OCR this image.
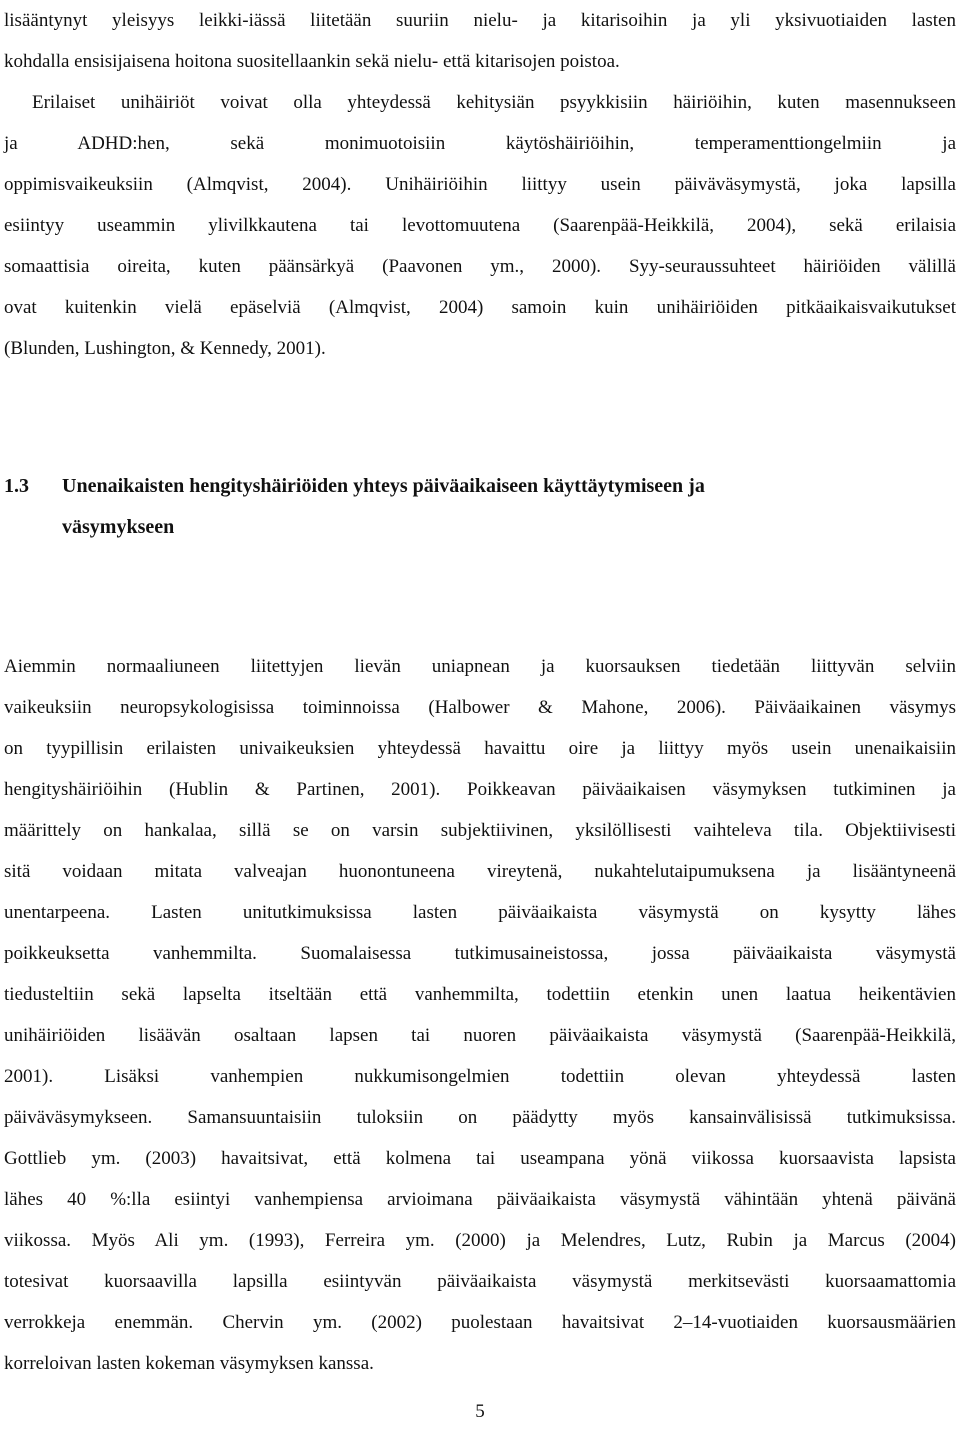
lisääntynyt yleisyys leikki-iässä liitetään suuriin nielu- ja kitarisoihin ja yli yksivuotiaiden lasten
kohdalla ensisijaisena hoitona suositellaankin sekä nielu- että kitarisojen poistoa.
Erilaiset unihäiriöt voivat olla yhteydessä kehitysiän psyykkisiin häiriöihin, kuten masennukseen
ja ADHD:hen, sekä monimuotoisiin käytöshäiriöihin, temperamenttiongelmiin ja
oppimisvaikeuksiin (Almqvist, 2004). Unihäiriöihin liittyy usein päiväväsymystä, joka lapsilla
esiintyy useammin ylivilkkautena tai levottomuutena (Saarenpää-Heikkilä, 2004), sekä erilaisia
somaattisia oireita, kuten päänsärkyä (Paavonen ym., 2000). Syy-seuraussuhteet häiriöiden välillä
ovat kuitenkin vielä epäselviä (Almqvist, 2004) samoin kuin unihäiriöiden pitkäaikaisvaikutukset
(Blunden, Lushington, & Kennedy, 2001).
1.3 Unenaikaisten hengityshäiriöiden yhteys päiväaikaiseen käyttäytymiseen ja
väsymykseen
Aiemmin normaaliuneen liitettyjen lievän uniapnean ja kuorsauksen tiedetään liittyvän selviin
vaikeuksiin neuropsykologisissa toiminnoissa (Halbower & Mahone, 2006). Päiväaikainen väsymys
on tyypillisin erilaisten univaikeuksien yhteydessä havaittu oire ja liittyy myös usein unenaikaisiin
hengityshäiriöihin (Hublin & Partinen, 2001). Poikkeavan päiväaikaisen väsymyksen tutkiminen ja
määrittely on hankalaa, sillä se on varsin subjektiivinen, yksilöllisesti vaihteleva tila. Objektiivisesti
sitä voidaan mitata valveajan huonontuneena vireytenä, nukahtelutaipumuksena ja lisääntyneenä
unentarpeena. Lasten unitutkimuksissa lasten päiväaikaista väsymystä on kysytty lähes
poikkeuksetta vanhemmilta. Suomalaisessa tutkimusaineistossa, jossa päiväaikaista väsymystä
tiedusteltiin sekä lapselta itseltään että vanhemmilta, todettiin etenkin unen laatua heikentävien
unihäiriöiden lisäävän osaltaan lapsen tai nuoren päiväaikaista väsymystä (Saarenpää-Heikkilä,
2001). Lisäksi vanhempien nukkumisongelmien todettiin olevan yhteydessä lasten
päiväväsymykseen. Samansuuntaisiin tuloksiin on päädytty myös kansainvälisissä tutkimuksissa.
Gottlieb ym. (2003) havaitsivat, että kolmena tai useampana yönä viikossa kuorsaavista lapsista
lähes 40 %:lla esiintyi vanhempiensa arvioimana päiväaikaista väsymystä vähintään yhtenä päivänä
viikossa. Myös Ali ym. (1993), Ferreira ym. (2000) ja Melendres, Lutz, Rubin ja Marcus (2004)
totesivat kuorsaavilla lapsilla esiintyvän päiväaikaista väsymystä merkitsevästi kuorsaamattomia
verrokkeja enemmän. Chervin ym. (2002) puolestaan havaitsivat 2–14-vuotiaiden kuorsausmäärien
korreloivan lasten kokeman väsymyksen kanssa.
5
